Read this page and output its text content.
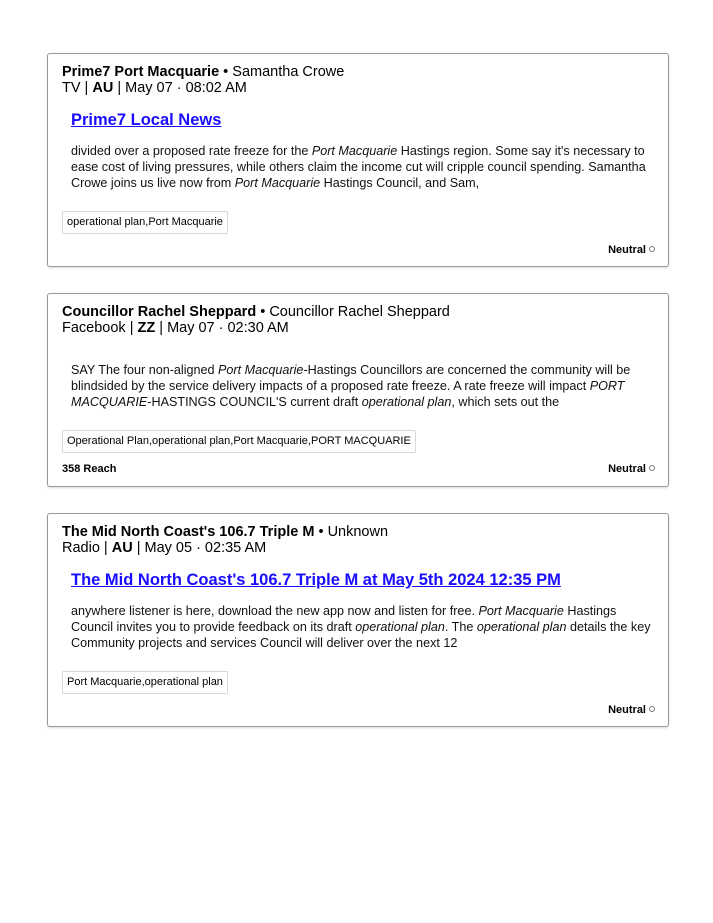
Prime7 Port Macquarie • Samantha Crowe
TV | AU | May 07 · 08:02 AM
Prime7 Local News
divided over a proposed rate freeze for the Port Macquarie Hastings region. Some say it's necessary to ease cost of living pressures, while others claim the income cut will cripple council spending. Samantha Crowe joins us live now from Port Macquarie Hastings Council, and Sam,
operational plan,Port Macquarie
Neutral
Councillor Rachel Sheppard • Councillor Rachel Sheppard
Facebook | ZZ | May 07 · 02:30 AM
SAY The four non-aligned Port Macquarie-Hastings Councillors are concerned the community will be blindsided by the service delivery impacts of a proposed rate freeze. A rate freeze will impact PORT MACQUARIE-HASTINGS COUNCIL'S current draft operational plan, which sets out the
Operational Plan,operational plan,Port Macquarie,PORT MACQUARIE
358 Reach	Neutral
The Mid North Coast's 106.7 Triple M • Unknown
Radio | AU | May 05 · 02:35 AM
The Mid North Coast's 106.7 Triple M at May 5th 2024 12:35 PM
anywhere listener is here, download the new app now and listen for free. Port Macquarie Hastings Council invites you to provide feedback on its draft operational plan. The operational plan details the key Community projects and services Council will deliver over the next 12
Port Macquarie,operational plan
Neutral
